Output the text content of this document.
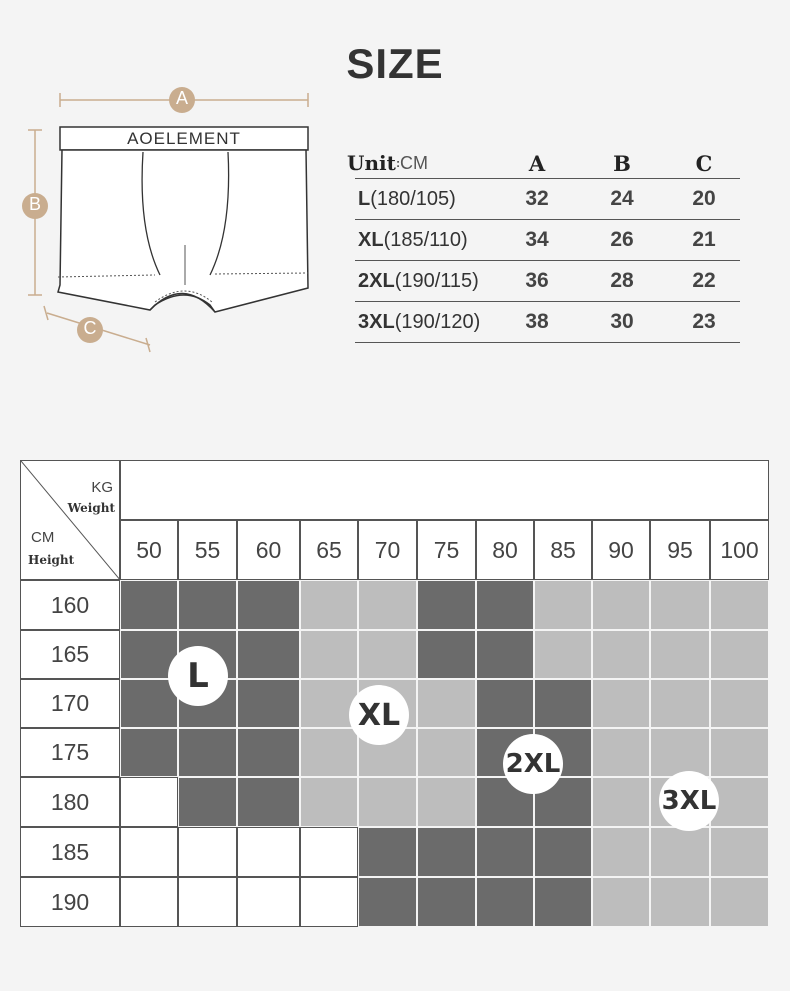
SIZE
AOELEMENT
A
B
C
Unit : CM	A	B	C
L (180/105)	32	24	20
XL (185/110)	34	26	21
2XL (190/115)	36	28	22
3XL (190/120)	38	30	23
KG
Weight
CM
Height	50	55	60	65	70	75	80	85	90	95	100
160
165
170
175
180
185
190
L
XL
2XL
3XL
